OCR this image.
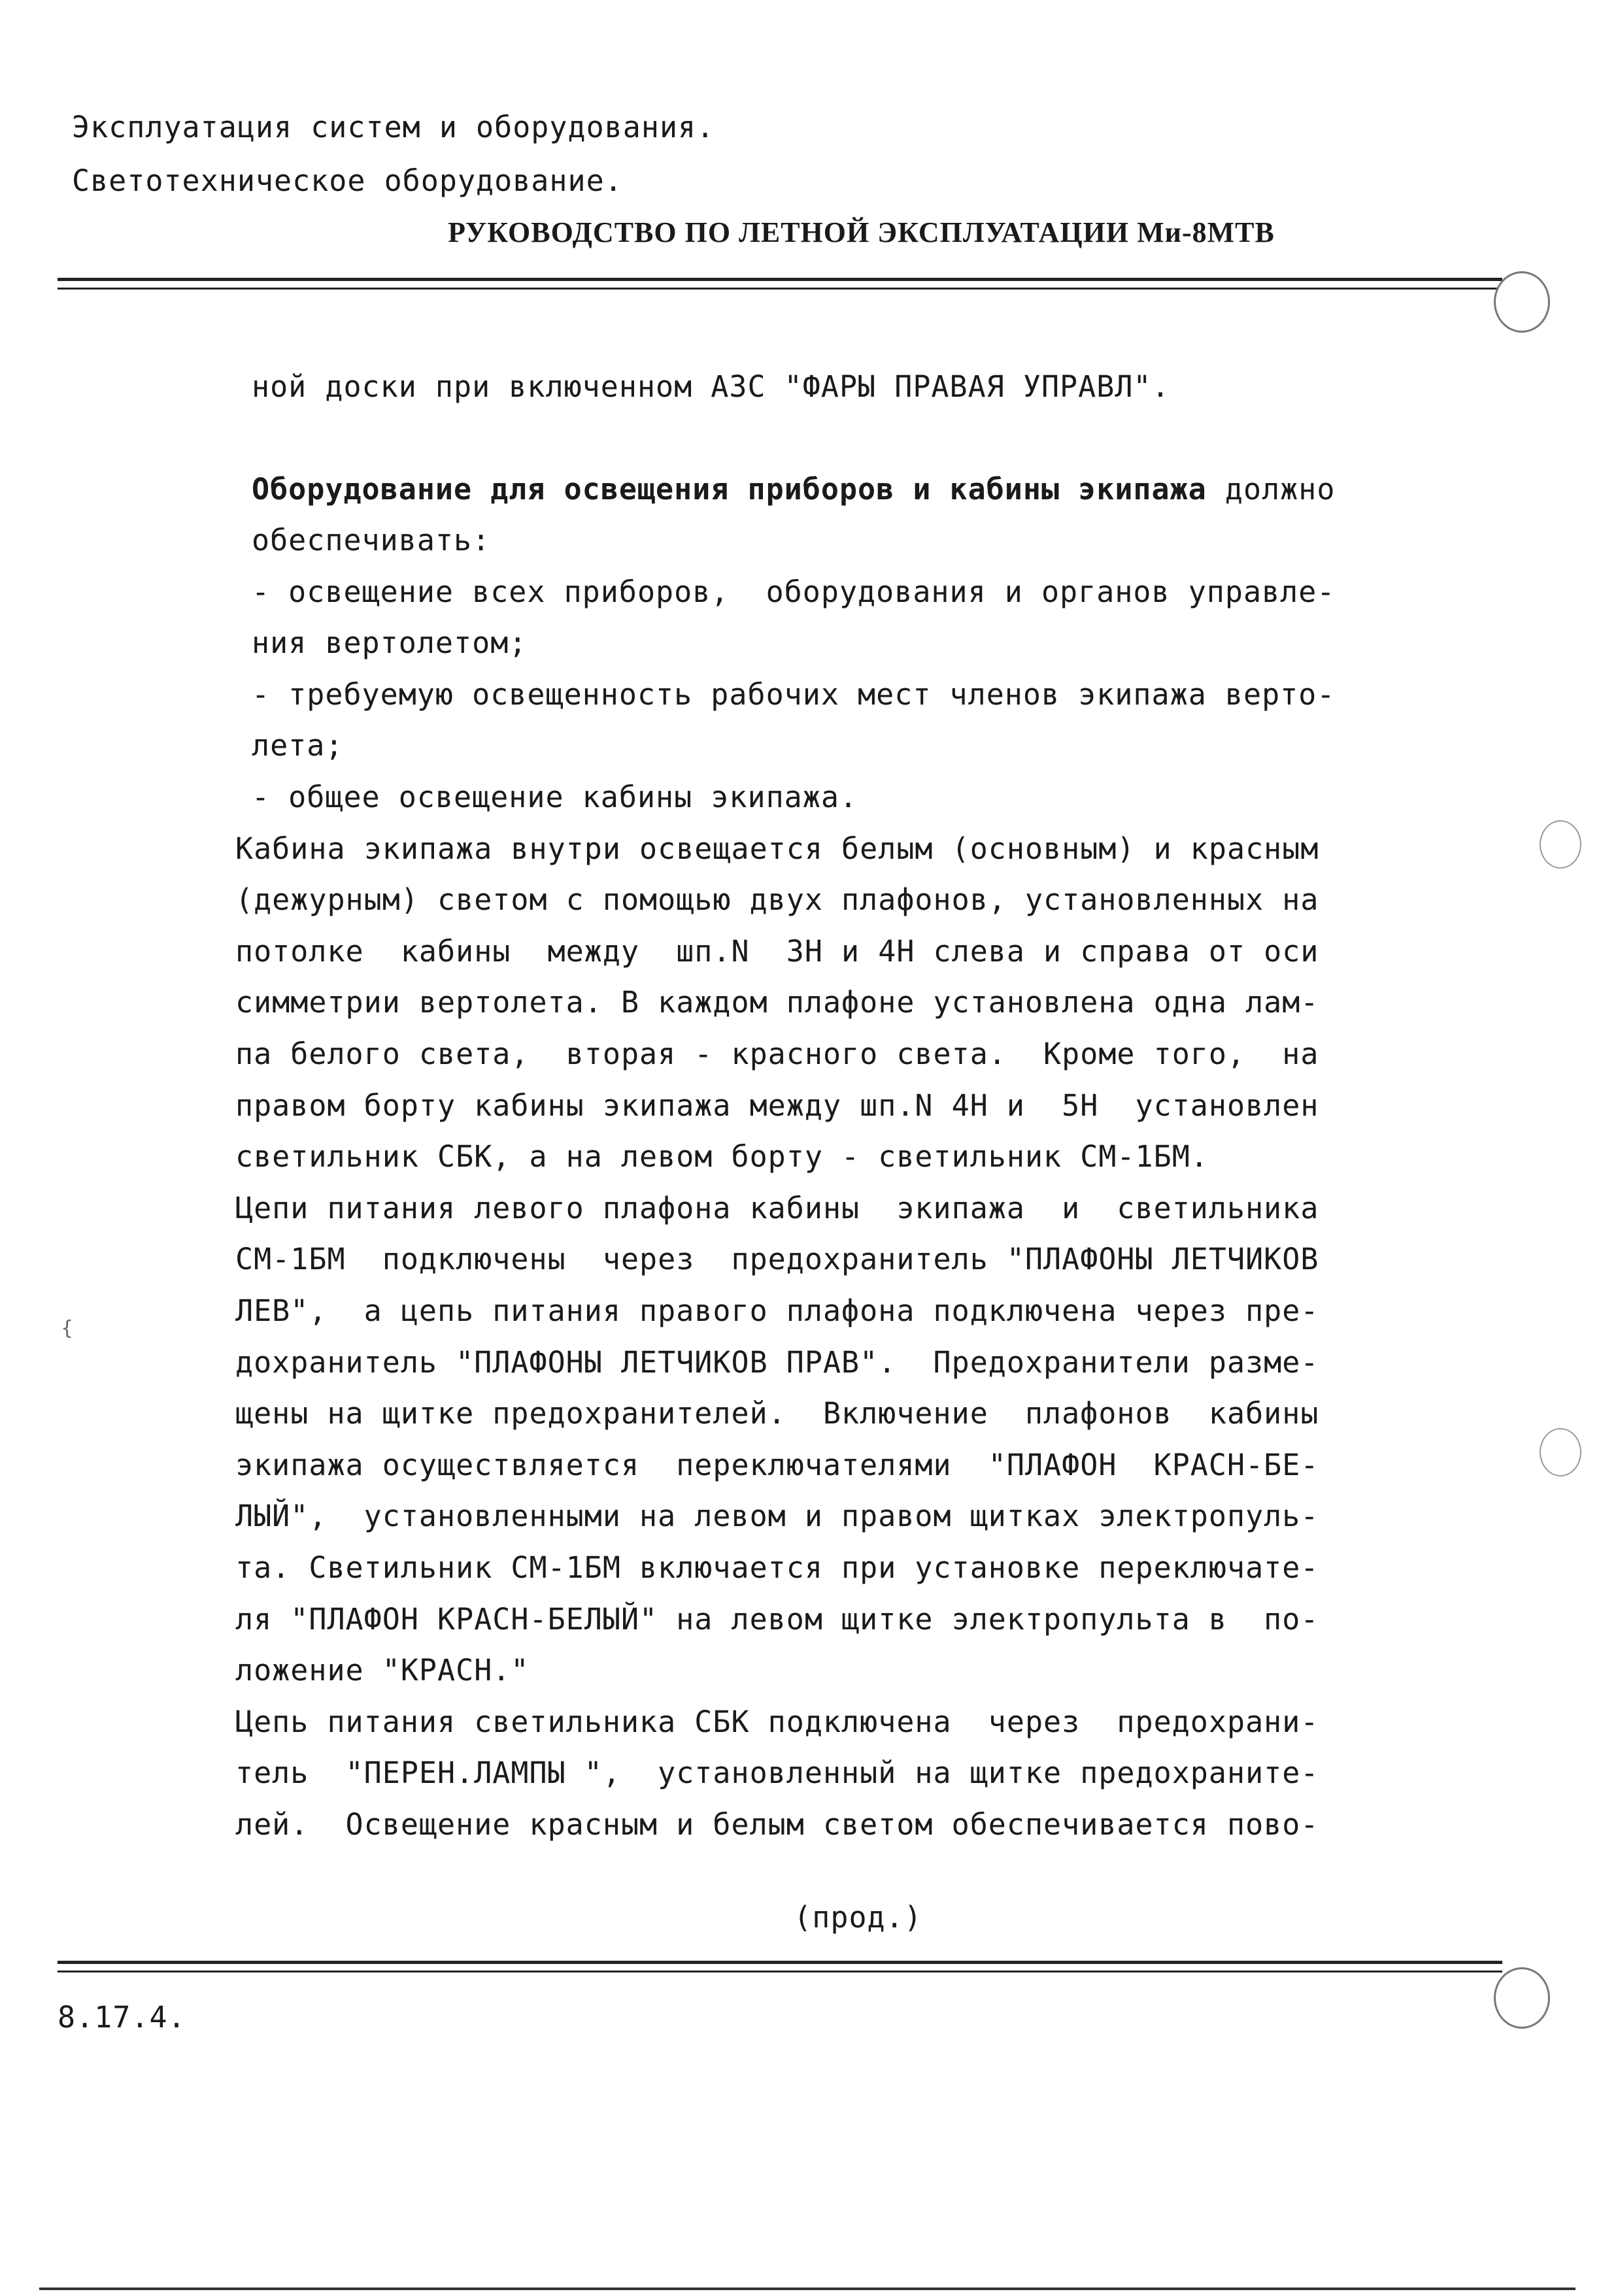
Эксплуатация систем и оборудования.
Светотехническое оборудование.
РУКОВОДСТВО ПО ЛЕТНОЙ ЭКСПЛУАТАЦИИ Ми-8МТВ
{
ной доски при включенном АЗС "ФАРЫ ПРАВАЯ УПРАВЛ".
Оборудование для освещения приборов и кабины экипажа должно
обеспечивать:
- освещение всех приборов,  оборудования и органов управле-
ния вертолетом;
- требуемую освещенность рабочих мест членов экипажа верто-
лета;
- общее освещение кабины экипажа.
Кабина экипажа внутри освещается белым (основным) и красным
(дежурным) светом с помощью двух плафонов, установленных на
потолке  кабины  между  шп.N  3Н и 4Н слева и справа от оси
симметрии вертолета. В каждом плафоне установлена одна лам-
па белого света,  вторая - красного света.  Кроме того,  на
правом борту кабины экипажа между шп.N 4Н и  5Н  установлен
светильник СБК, а на левом борту - светильник СМ-1БМ.
Цепи питания левого плафона кабины  экипажа  и  светильника
СМ-1БМ  подключены  через  предохранитель "ПЛАФОНЫ ЛЕТЧИКОВ
ЛЕВ",  а цепь питания правого плафона подключена через пре-
дохранитель "ПЛАФОНЫ ЛЕТЧИКОВ ПРАВ".  Предохранители разме-
щены на щитке предохранителей.  Включение  плафонов  кабины
экипажа осуществляется  переключателями  "ПЛАФОН  КРАСН-БЕ-
ЛЫЙ",  установленными на левом и правом щитках электропуль-
та. Светильник СМ-1БМ включается при установке переключате-
ля "ПЛАФОН КРАСН-БЕЛЫЙ" на левом щитке электропульта в  по-
ложение "КРАСН."
Цепь питания светильника СБК подключена  через  предохрани-
тель  "ПЕРЕН.ЛАМПЫ ",  установленный на щитке предохраните-
лей.  Освещение красным и белым светом обеспечивается пово-
(прод.)
8.17.4.
